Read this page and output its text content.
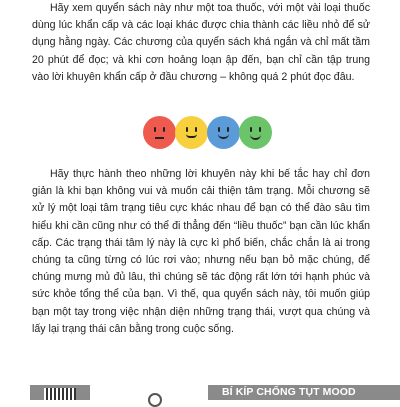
Hãy xem quyển sách này như một toa thuốc, với một vài loại thuốc dùng lúc khẩn cấp và các loại khác được chia thành các liều nhỏ để sử dụng hằng ngày. Các chương của quyển sách khá ngắn và chỉ mất tầm 20 phút để đọc; và khi cơn hoảng loạn ập đến, bạn chỉ cần tập trung vào lời khuyên khẩn cấp ở đầu chương – không quá 2 phút đọc đâu.

Hãy thực hành theo những lời khuyên này khi bế tắc hay chỉ đơn giản là khi bạn không vui và muốn cải thiện tâm trạng. Mỗi chương sẽ xử lý một loại tâm trạng tiêu cực khác nhau để bạn có thể đào sâu tìm hiểu khi cần cũng như có thể đi thẳng đến “liều thuốc” bạn cần lúc khẩn cấp. Các trạng thái tâm lý này là cực kì phổ biến, chắc chắn là ai trong chúng ta cũng từng có lúc rơi vào; nhưng nếu bạn bỏ mặc chúng, để chúng mưng mủ đủ lâu, thì chúng sẽ tác động rất lớn tới hạnh phúc và sức khỏe tổng thể của bạn. Vì thế, qua quyển sách này, tôi muốn giúp bạn một tay trong việc nhận diện những trạng thái, vượt qua chúng và lấy lại trạng thái cân bằng trong cuộc sống.

BÍ KÍP CHỐNG TỤT MOOD
